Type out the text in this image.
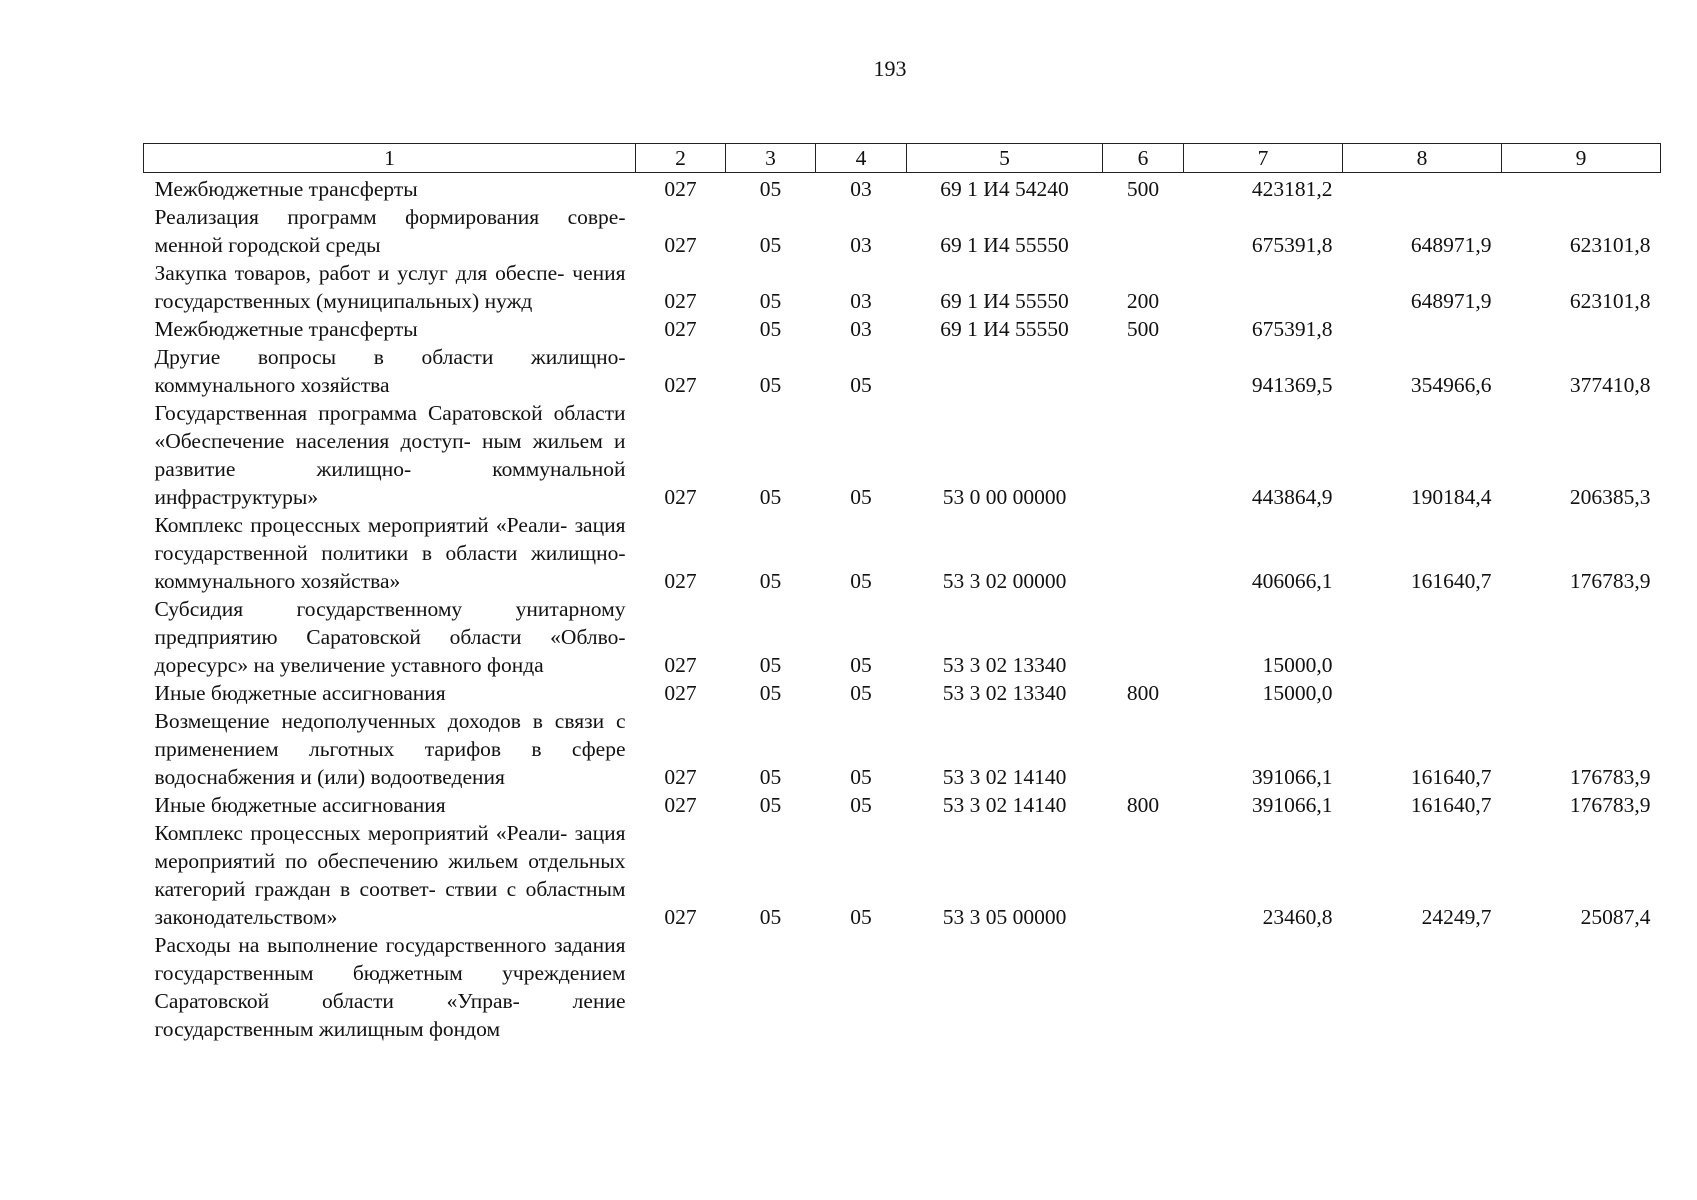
193
1	2	3	4	5	6	7	8	9
Межбюджетные трансферты	027	05	03	69 1 И4 54240	500	423181,2		
Реализация программ формирования совре- менной городской среды	027	05	03	69 1 И4 55550		675391,8	648971,9	623101,8
Закупка товаров, работ и услуг для обеспе- чения государственных (муниципальных) нужд	027	05	03	69 1 И4 55550	200		648971,9	623101,8
Межбюджетные трансферты	027	05	03	69 1 И4 55550	500	675391,8		
Другие вопросы в области жилищно- коммунального хозяйства	027	05	05			941369,5	354966,6	377410,8
Государственная программа Саратовской области «Обеспечение населения доступ- ным жильем и развитие жилищно- коммунальной инфраструктуры»	027	05	05	53 0 00 00000		443864,9	190184,4	206385,3
Комплекс процессных мероприятий «Реали- зация государственной политики в области жилищно-коммунального хозяйства»	027	05	05	53 3 02 00000		406066,1	161640,7	176783,9
Субсидия государственному унитарному предприятию Саратовской области «Облво- доресурс» на увеличение уставного фонда	027	05	05	53 3 02 13340		15000,0		
Иные бюджетные ассигнования	027	05	05	53 3 02 13340	800	15000,0		
Возмещение недополученных доходов в связи с применением льготных тарифов в сфере водоснабжения и (или) водоотведения	027	05	05	53 3 02 14140		391066,1	161640,7	176783,9
Иные бюджетные ассигнования	027	05	05	53 3 02 14140	800	391066,1	161640,7	176783,9
Комплекс процессных мероприятий «Реали- зация мероприятий по обеспечению жильем отдельных категорий граждан в соответ- ствии с областным законодательством»	027	05	05	53 3 05 00000		23460,8	24249,7	25087,4
Расходы на выполнение государственного задания государственным бюджетным учреждением Саратовской области «Управ- ление государственным жилищным фондом								
